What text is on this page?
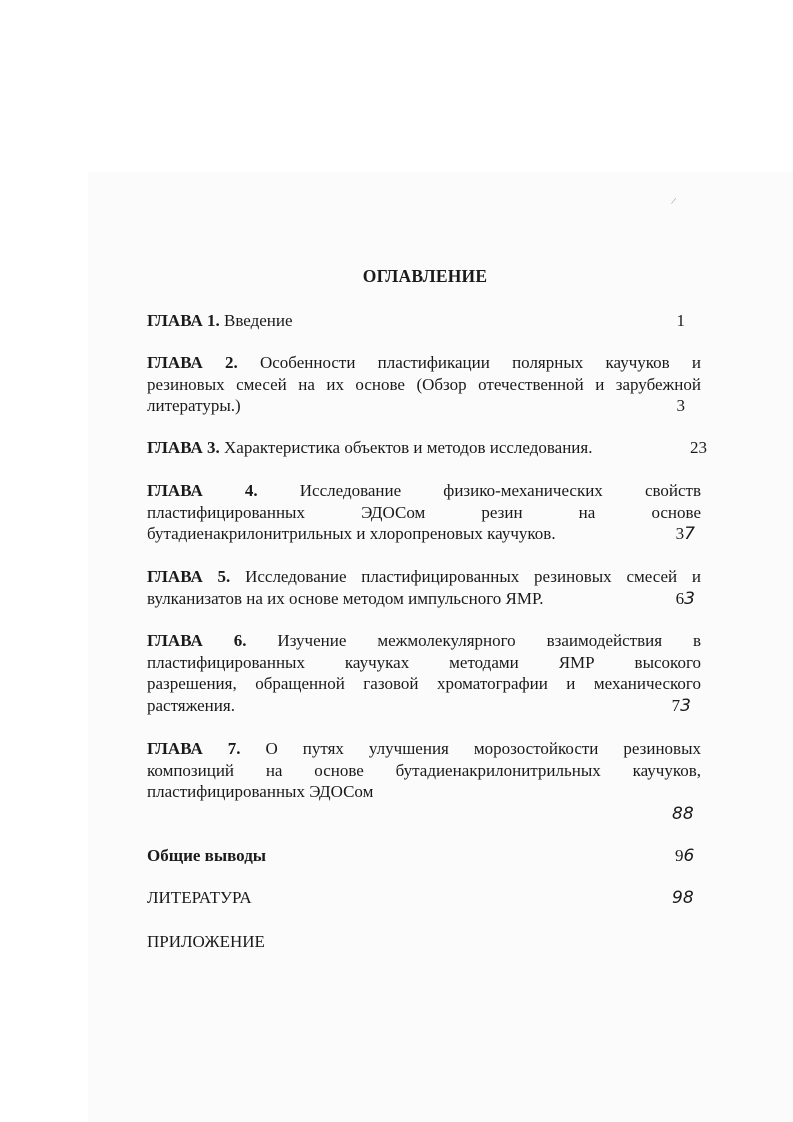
/
ОГЛАВЛЕНИЕ
ГЛАВА 1. Введение	1
ГЛАВА 2. Особенности пластификации полярных каучуков и
резиновых смесей на их основе (Обзор отечественной и зарубежной
литературы.)	3
ГЛАВА 3. Характеристика объектов и методов исследования.	23
ГЛАВА 4. Исследование физико-механических свойств
пластифицированных ЭДОСом резин на основе
бутадиенакрилонитрильных и хлоропреновых каучуков.	37
ГЛАВА 5. Исследование пластифицированных резиновых смесей и
вулканизатов на их основе методом импульсного ЯМР.	63
ГЛАВА 6. Изучение межмолекулярного взаимодействия в
пластифицированных каучуках методами ЯМР высокого
разрешения, обращенной газовой хроматографии и механического
растяжения.	73
ГЛАВА 7. О путях улучшения морозостойкости резиновых
композиций на основе бутадиенакрилонитрильных каучуков,
пластифицированных ЭДОСом
88
Общие выводы	96
ЛИТЕРАТУРА	98
ПРИЛОЖЕНИЕ
